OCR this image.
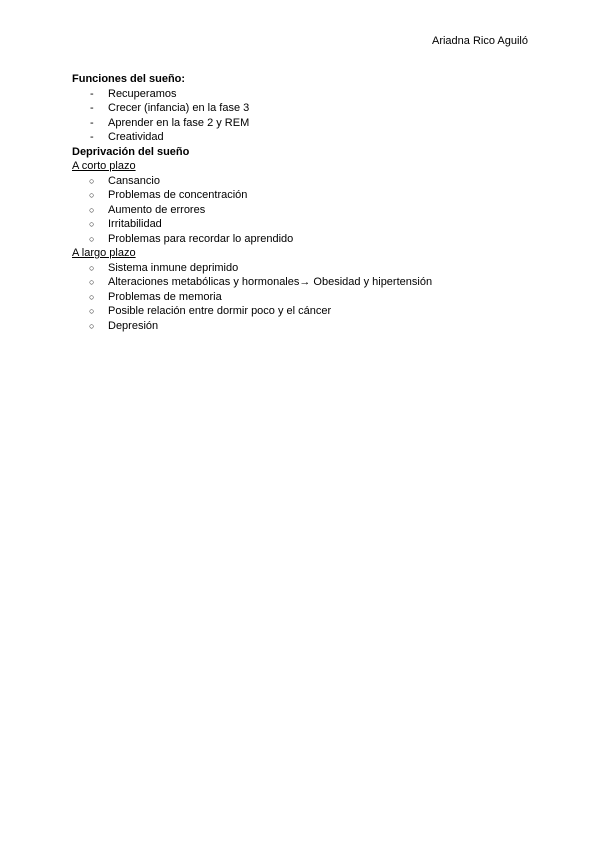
Ariadna Rico Aguiló

Funciones del sueño:

- Recuperamos
- Crecer (infancia) en la fase 3
- Aprender en la fase 2 y REM
- Creatividad

Deprivación del sueño

A corto plazo

○ Cansancio
○ Problemas de concentración
○ Aumento de errores
○ Irritabilidad
○ Problemas para recordar lo aprendido

A largo plazo

○ Sistema inmune deprimido
○ Alteraciones metabólicas y hormonales→ Obesidad y hipertensión
○ Problemas de memoria
○ Posible relación entre dormir poco y el cáncer
○ Depresión
